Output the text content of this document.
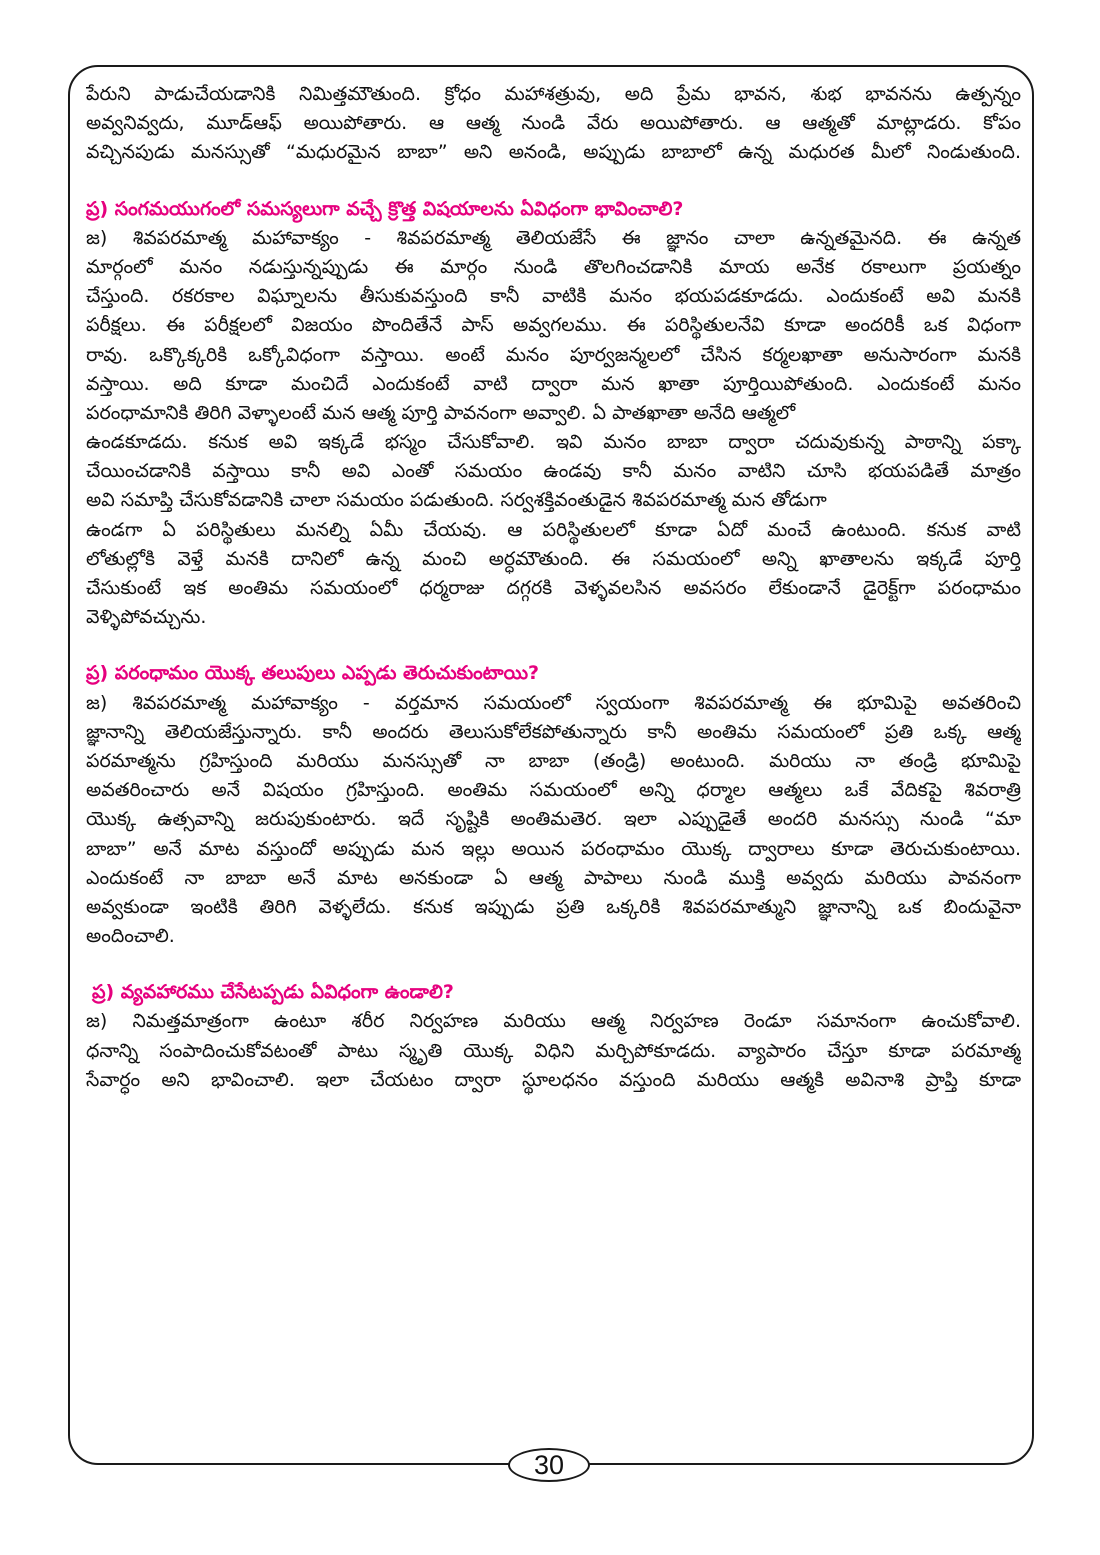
పేరుని పాడుచేయడానికి నిమిత్తమౌతుంది. క్రోధం మహాశత్రువు, అది ప్రేమ భావన, శుభ భావనను ఉత్పన్నం
అవ్వనివ్వదు, మూడ్ఆఫ్ అయిపోతారు. ఆ ఆత్మ నుండి వేరు అయిపోతారు. ఆ ఆత్మతో మాట్లాడరు. కోపం
వచ్చినపుడు మనస్సుతో “మధురమైన బాబా” అని అనండి, అప్పుడు బాబాలో ఉన్న మధురత మీలో నిండుతుంది.
ప్ర) సంగమయుగంలో సమస్యలుగా వచ్చే క్రొత్త విషయాలను ఏవిధంగా భావించాలి?
జ) శివపరమాత్మ మహావాక్యం - శివపరమాత్మ తెలియజేసే ఈ జ్ఞానం చాలా ఉన్నతమైనది. ఈ ఉన్నత
మార్గంలో మనం నడుస్తున్నప్పుడు ఈ మార్గం నుండి తొలగించడానికి మాయ అనేక రకాలుగా ప్రయత్నం
చేస్తుంది. రకరకాల విఘ్నాలను తీసుకువస్తుంది కానీ వాటికి మనం భయపడకూడదు. ఎందుకంటే అవి మనకి
పరీక్షలు. ఈ పరీక్షలలో విజయం పొందితేనే పాస్ అవ్వగలము. ఈ పరిస్థితులనేవి కూడా అందరికీ ఒక విధంగా
రావు. ఒక్కొక్కరికి ఒక్కోవిధంగా వస్తాయి. అంటే మనం పూర్వజన్మలలో చేసిన కర్మలఖాతా అనుసారంగా మనకి
వస్తాయి. అది కూడా మంచిదే ఎందుకంటే వాటి ద్వారా మన ఖాతా పూర్తియిపోతుంది. ఎందుకంటే మనం
పరంధామానికి తిరిగి వెళ్ళాలంటే మన ఆత్మ పూర్తి పావనంగా అవ్వాలి. ఏ పాతఖాతా అనేది ఆత్మలో
ఉండకూడదు. కనుక అవి ఇక్కడే భస్మం చేసుకోవాలి. ఇవి మనం బాబా ద్వారా చదువుకున్న పాఠాన్ని పక్కా
చేయించడానికి వస్తాయి కానీ అవి ఎంతో సమయం ఉండవు కానీ మనం వాటిని చూసి భయపడితే మాత్రం
అవి సమాప్తి చేసుకోవడానికి చాలా సమయం పడుతుంది. సర్వశక్తివంతుడైన శివపరమాత్మ మన తోడుగా
ఉండగా ఏ పరిస్థితులు మనల్ని ఏమీ చేయవు. ఆ పరిస్థితులలో కూడా ఏదో మంచే ఉంటుంది. కనుక వాటి
లోతుల్లోకి వెళ్తే మనకి దానిలో ఉన్న మంచి అర్ధమౌతుంది. ఈ సమయంలో అన్ని ఖాతాలను ఇక్కడే పూర్తి
చేసుకుంటే ఇక అంతిమ సమయంలో ధర్మరాజు దగ్గరకి వెళ్ళవలసిన అవసరం లేకుండానే డైరెక్ట్‌గా పరంధామం
వెళ్ళిపోవచ్చును.
ప్ర) పరంధామం యొక్క తలుపులు ఎప్పడు తెరుచుకుంటాయి?
జ) శివపరమాత్మ మహావాక్యం - వర్తమాన సమయంలో స్వయంగా శివపరమాత్మ ఈ భూమిపై అవతరించి
జ్ఞానాన్ని తెలియజేస్తున్నారు. కానీ అందరు తెలుసుకోలేకపోతున్నారు కానీ అంతిమ సమయంలో ప్రతి ఒక్క ఆత్మ
పరమాత్మను గ్రహిస్తుంది మరియు మనస్సుతో నా బాబా (తండ్రి) అంటుంది. మరియు నా తండ్రి భూమిపై
అవతరించారు అనే విషయం గ్రహిస్తుంది. అంతిమ సమయంలో అన్ని ధర్మాల ఆత్మలు ఒకే వేదికపై శివరాత్రి
యొక్క ఉత్సవాన్ని జరుపుకుంటారు. ఇదే సృష్టికి అంతిమతెర. ఇలా ఎప్పుడైతే అందరి మనస్సు నుండి “మా
బాబా” అనే మాట వస్తుందో అప్పుడు మన ఇల్లు అయిన పరంధామం యొక్క ద్వారాలు కూడా తెరుచుకుంటాయి.
ఎందుకంటే నా బాబా అనే మాట అనకుండా ఏ ఆత్మ పాపాలు నుండి ముక్తి అవ్వదు మరియు పావనంగా
అవ్వకుండా ఇంటికి తిరిగి వెళ్ళలేదు. కనుక ఇప్పుడు ప్రతి ఒక్కరికి శివపరమాత్ముని జ్ఞానాన్ని ఒక బిందువైనా
అందించాలి.
ప్ర) వ్యవహారము చేసేటప్పడు ఏవిధంగా ఉండాలి?
జ) నిమత్తమాత్రంగా ఉంటూ శరీర నిర్వహణ మరియు ఆత్మ నిర్వహణ రెండూ సమానంగా ఉంచుకోవాలి.
ధనాన్ని సంపాదించుకోవటంతో పాటు స్మృతి యొక్క విధిని మర్చిపోకూడదు. వ్యాపారం చేస్తూ కూడా పరమాత్మ
సేవార్ధం అని భావించాలి. ఇలా చేయటం ద్వారా స్థూలధనం వస్తుంది మరియు ఆత్మకి అవినాశి ప్రాప్తి కూడా
30
